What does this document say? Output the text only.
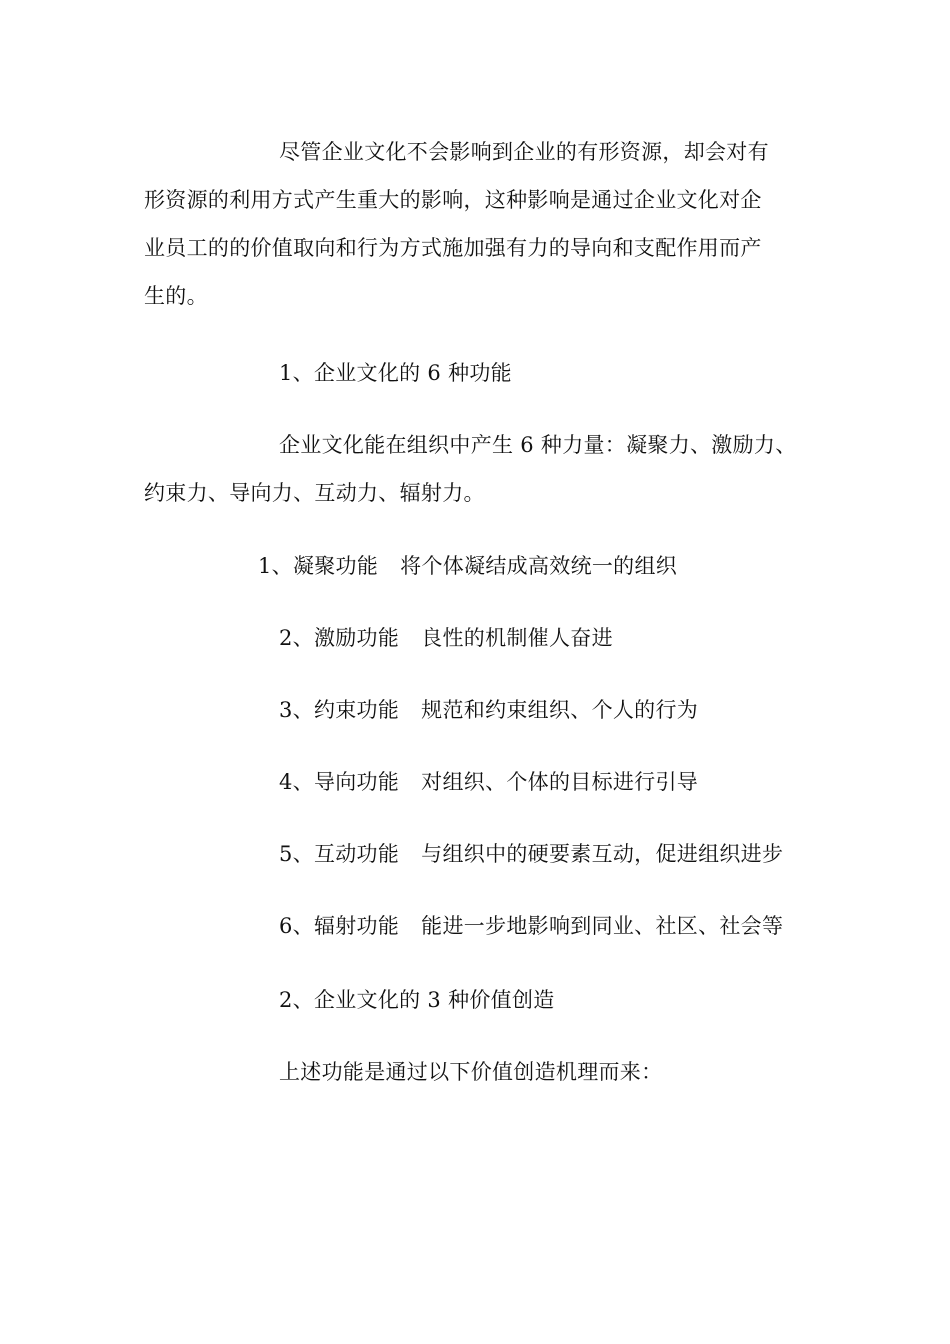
尽管企业文化不会影响到企业的有形资源，却会对有
形资源的利用方式产生重大的影响，这种影响是通过企业文化对企
业员工的的价值取向和行为方式施加强有力的导向和支配作用而产
生的。
1、企业文化的 6 种功能
企业文化能在组织中产生 6 种力量：凝聚力、激励力、
约束力、导向力、互动力、辐射力。
1、凝聚功能 将个体凝结成高效统一的组织
2、激励功能 良性的机制催人奋进
3、约束功能 规范和约束组织、个人的行为
4、导向功能 对组织、个体的目标进行引导
5、互动功能 与组织中的硬要素互动，促进组织进步
6、辐射功能 能进一步地影响到同业、社区、社会等
2、企业文化的 3 种价值创造
上述功能是通过以下价值创造机理而来：
